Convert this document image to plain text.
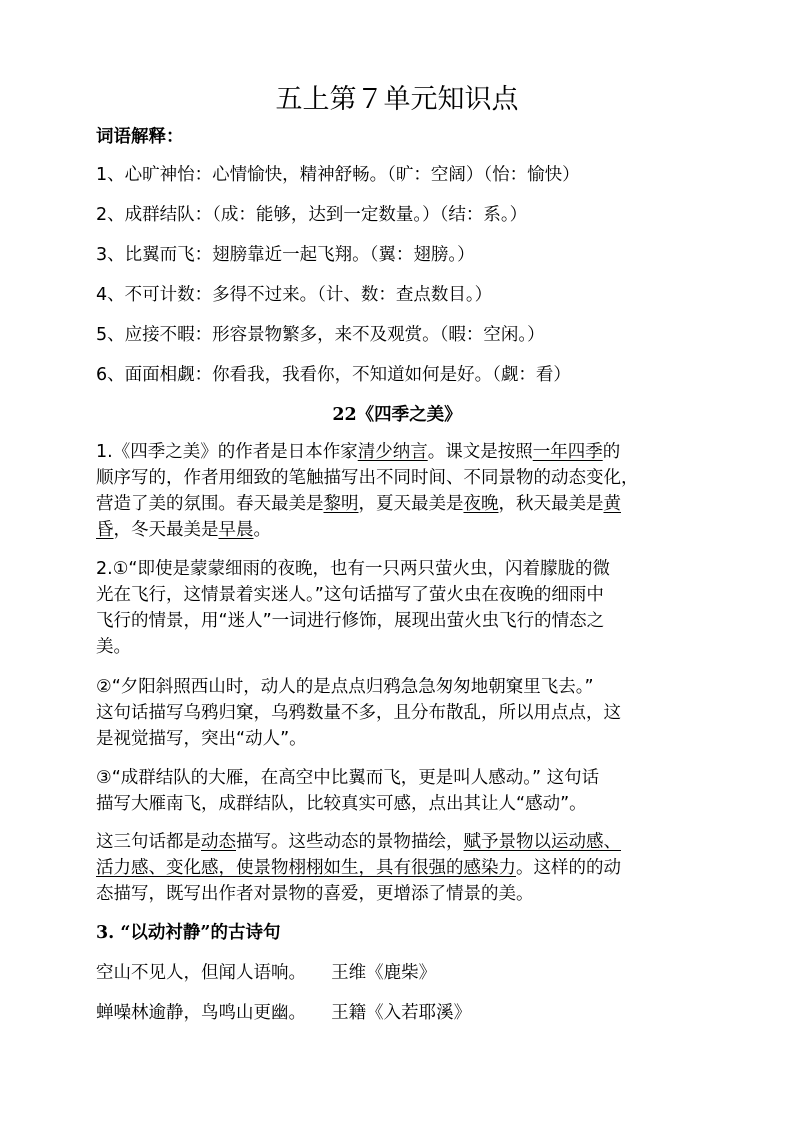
五上第７单元知识点
词语解释：
1、心旷神怡：心情愉快，精神舒畅。（旷：空阔）（怡：愉快）
2、成群结队：（成：能够，达到一定数量。）（结：系。）
3、比翼而飞：翅膀靠近一起飞翔。（翼：翅膀。）
4、不可计数：多得不过来。（计、数：查点数目。）
5、应接不暇：形容景物繁多，来不及观赏。（暇：空闲。）
6、面面相觑：你看我，我看你，不知道如何是好。（觑：看）
22《四季之美》
1.《四季之美》的作者是日本作家清少纳言。课文是按照一年四季的
顺序写的，作者用细致的笔触描写出不同时间、不同景物的动态变化，
营造了美的氛围。春天最美是黎明，夏天最美是夜晚，秋天最美是黄
昏，冬天最美是早晨。
2.①“即使是蒙蒙细雨的夜晚，也有一只两只萤火虫，闪着朦胧的微
光在飞行，这情景着实迷人。”这句话描写了萤火虫在夜晚的细雨中
飞行的情景，用“迷人”一词进行修饰，展现出萤火虫飞行的情态之
美。
②“夕阳斜照西山时，动人的是点点归鸦急急匆匆地朝窠里飞去。”
这句话描写乌鸦归窠，乌鸦数量不多，且分布散乱，所以用点点，这
是视觉描写，突出“动人”。
③“成群结队的大雁，在高空中比翼而飞，更是叫人感动。” 这句话
描写大雁南飞，成群结队，比较真实可感，点出其让人“感动”。
这三句话都是动态描写。这些动态的景物描绘，赋予景物以运动感、
活力感、变化感，使景物栩栩如生，具有很强的感染力。这样的的动
态描写，既写出作者对景物的喜爱，更增添了情景的美。
3. “以动衬静”的古诗句
空山不见人，但闻人语响。 王维《鹿柴》
蝉噪林逾静，鸟鸣山更幽。 王籍《入若耶溪》
